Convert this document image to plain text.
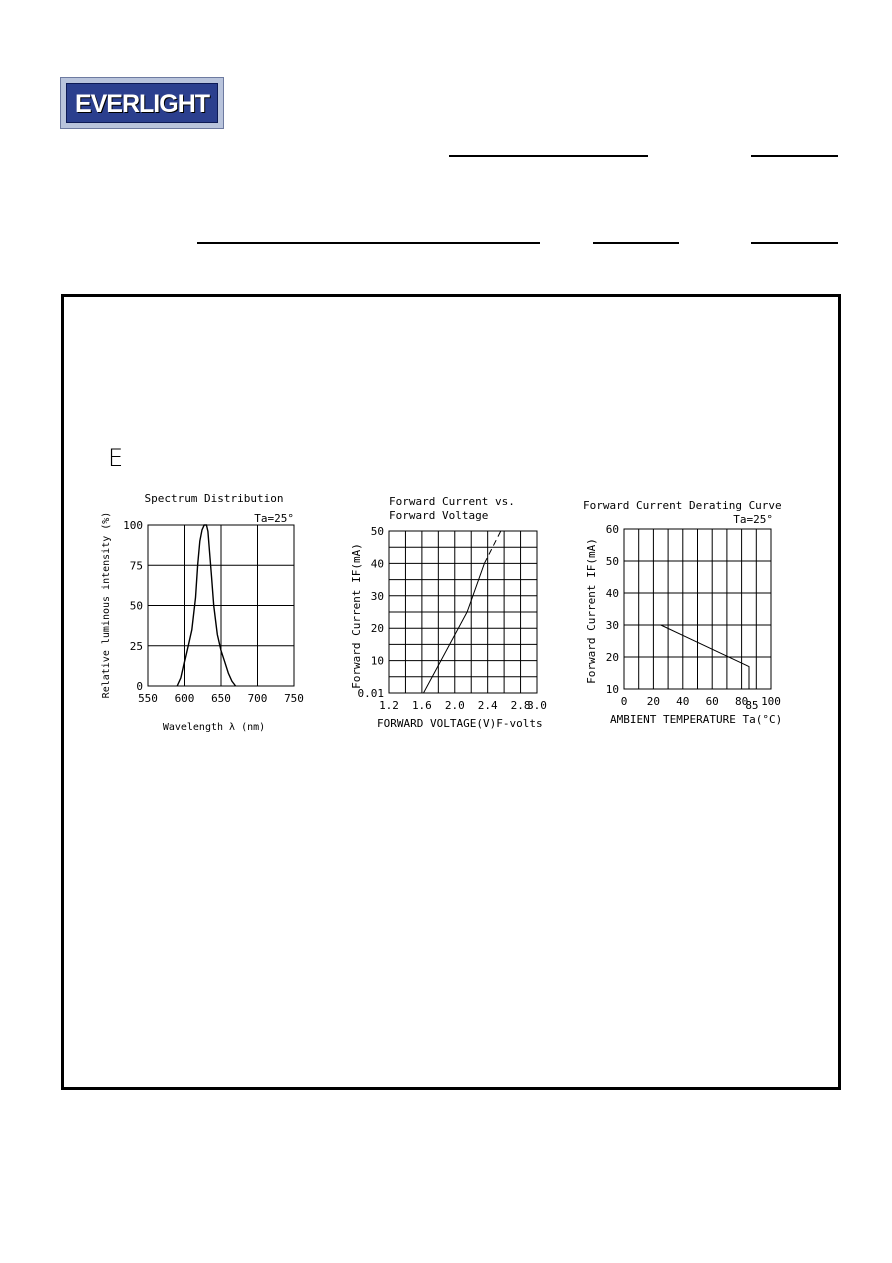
EVERLIGHT
E
Spectrum Distribution
Ta=25°
550 600 650 700 750
0
25
50
75
100
Wavelength λ (nm)
Relative luminous intensity (%)
Forward Current vs.
Forward Voltage
1.2 1.6 2.0 2.4 2.8
3.0
0.01
10
20
30
40
50
FORWARD VOLTAGE(V)F-volts
Forward Current IF(mA)
Forward Current Derating Curve
Ta=25°
0 20 40 60 80 100
85
10
20
30
40
50
60
AMBIENT TEMPERATURE Ta(°C)
Forward Current IF(mA)
